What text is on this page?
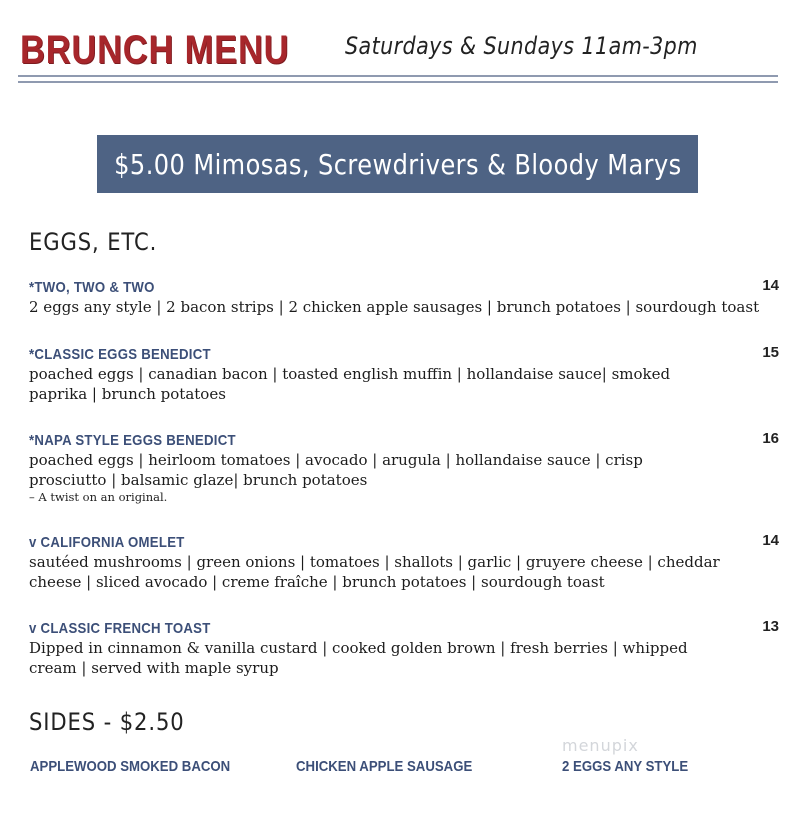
BRUNCH MENU Saturdays & Sundays 11am-3pm
$5.00 Mimosas, Screwdrivers & Bloody Marys
EGGS, ETC.
*TWO, TWO & TWO	14
2 eggs any style | 2 bacon strips | 2 chicken apple sausages | brunch potatoes | sourdough toast
*CLASSIC EGGS BENEDICT	15
poached eggs | canadian bacon | toasted english muffin | hollandaise sauce| smoked paprika | brunch potatoes
*NAPA STYLE EGGS BENEDICT	16
poached eggs | heirloom tomatoes | avocado | arugula | hollandaise sauce | crisp prosciutto | balsamic glaze| brunch potatoes
– A twist on an original.
v CALIFORNIA OMELET	14
sautéed mushrooms | green onions | tomatoes | shallots | garlic | gruyere cheese | cheddar cheese | sliced avocado | creme fraîche | brunch potatoes | sourdough toast
v CLASSIC FRENCH TOAST	13
Dipped in cinnamon & vanilla custard | cooked golden brown | fresh berries | whipped cream | served with maple syrup
SIDES - $2.50
menupix
APPLEWOOD SMOKED BACON	CHICKEN APPLE SAUSAGE	2 EGGS ANY STYLE
